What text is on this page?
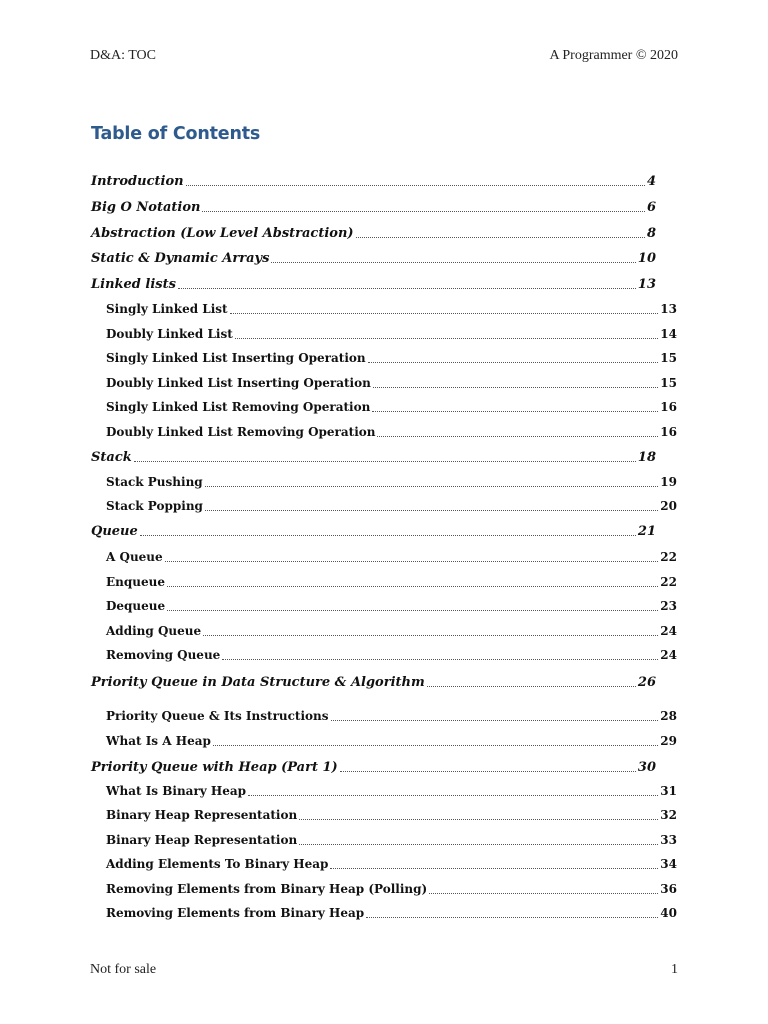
D&A: TOC	A Programmer © 2020
Table of Contents
Introduction	4
Big O Notation	6
Abstraction (Low Level Abstraction)	8
Static & Dynamic Arrays	10
Linked lists	13
Singly Linked List	13
Doubly Linked List	14
Singly Linked List Inserting Operation	15
Doubly Linked List Inserting Operation	15
Singly Linked List Removing Operation	16
Doubly Linked List Removing Operation	16
Stack	18
Stack Pushing	19
Stack Popping	20
Queue	21
A Queue	22
Enqueue	22
Dequeue	23
Adding Queue	24
Removing Queue	24
Priority Queue in Data Structure & Algorithm	26
Priority Queue & Its Instructions	28
What Is A Heap	29
Priority Queue with Heap (Part 1)	30
What Is Binary Heap	31
Binary Heap Representation	32
Binary Heap Representation	33
Adding Elements To Binary Heap	34
Removing Elements from Binary Heap (Polling)	36
Removing Elements from Binary Heap	40
Not for sale	1
